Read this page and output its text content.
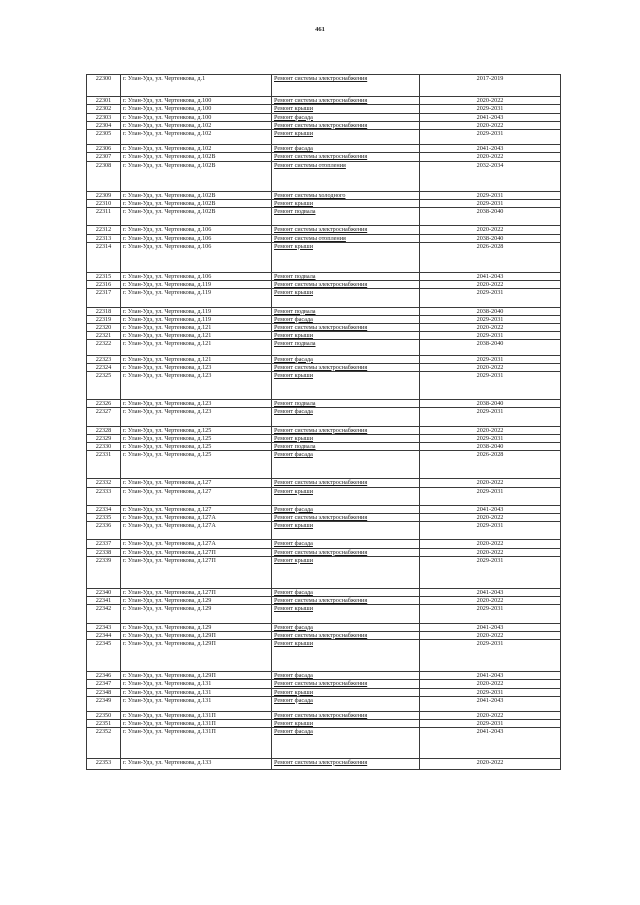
461
22300	г. Улан-Удэ, ул. Чертенкова, д.1	Ремонт системы электроснабжения	2017-2019
22301	г. Улан-Удэ, ул. Чертенкова, д.100	Ремонт системы электроснабжения	2020-2022
22302	г. Улан-Удэ, ул. Чертенкова, д.100	Ремонт крыши	2029-2031
22303	г. Улан-Удэ, ул. Чертенкова, д.100	Ремонт фасада	2041-2043
22304	г. Улан-Удэ, ул. Чертенкова, д.102	Ремонт системы электроснабжения	2020-2022
22305	г. Улан-Удэ, ул. Чертенкова, д.102	Ремонт крыши	2029-2031
22306	г. Улан-Удэ, ул. Чертенкова, д.102	Ремонт фасада	2041-2043
22307	г. Улан-Удэ, ул. Чертенкова, д.102В	Ремонт системы электроснабжения	2020-2022
22308	г. Улан-Удэ, ул. Чертенкова, д.102В	Ремонт системы отопления	2032-2034
22309	г. Улан-Удэ, ул. Чертенкова, д.102В	Ремонт системы холодного	2029-2031
22310	г. Улан-Удэ, ул. Чертенкова, д.102В	Ремонт крыши	2029-2031
22311	г. Улан-Удэ, ул. Чертенкова, д.102В	Ремонт подвала	2038-2040
22312	г. Улан-Удэ, ул. Чертенкова, д.106	Ремонт системы электроснабжения	2020-2022
22313	г. Улан-Удэ, ул. Чертенкова, д.106	Ремонт системы отопления	2038-2040
22314	г. Улан-Удэ, ул. Чертенкова, д.106	Ремонт крыши	2026-2028
22315	г. Улан-Удэ, ул. Чертенкова, д.106	Ремонт подвала	2041-2043
22316	г. Улан-Удэ, ул. Чертенкова, д.119	Ремонт системы электроснабжения	2020-2022
22317	г. Улан-Удэ, ул. Чертенкова, д.119	Ремонт крыши	2029-2031
22318	г. Улан-Удэ, ул. Чертенкова, д.119	Ремонт подвала	2038-2040
22319	г. Улан-Удэ, ул. Чертенкова, д.119	Ремонт фасада	2029-2031
22320	г. Улан-Удэ, ул. Чертенкова, д.121	Ремонт системы электроснабжения	2020-2022
22321	г. Улан-Удэ, ул. Чертенкова, д.121	Ремонт крыши	2029-2031
22322	г. Улан-Удэ, ул. Чертенкова, д.121	Ремонт подвала	2038-2040
22323	г. Улан-Удэ, ул. Чертенкова, д.121	Ремонт фасада	2029-2031
22324	г. Улан-Удэ, ул. Чертенкова, д.123	Ремонт системы электроснабжения	2020-2022
22325	г. Улан-Удэ, ул. Чертенкова, д.123	Ремонт крыши	2029-2031
22326	г. Улан-Удэ, ул. Чертенкова, д.123	Ремонт подвала	2038-2040
22327	г. Улан-Удэ, ул. Чертенкова, д.123	Ремонт фасада	2029-2031
22328	г. Улан-Удэ, ул. Чертенкова, д.125	Ремонт системы электроснабжения	2020-2022
22329	г. Улан-Удэ, ул. Чертенкова, д.125	Ремонт крыши	2029-2031
22330	г. Улан-Удэ, ул. Чертенкова, д.125	Ремонт подвала	2038-2040
22331	г. Улан-Удэ, ул. Чертенкова, д.125	Ремонт фасада	2026-2028
22332	г. Улан-Удэ, ул. Чертенкова, д.127	Ремонт системы электроснабжения	2020-2022
22333	г. Улан-Удэ, ул. Чертенкова, д.127	Ремонт крыши	2029-2031
22334	г. Улан-Удэ, ул. Чертенкова, д.127	Ремонт фасада	2041-2043
22335	г. Улан-Удэ, ул. Чертенкова, д.127А	Ремонт системы электроснабжения	2020-2022
22336	г. Улан-Удэ, ул. Чертенкова, д.127А	Ремонт крыши	2029-2031
22337	г. Улан-Удэ, ул. Чертенкова, д.127А	Ремонт фасада	2020-2022
22338	г. Улан-Удэ, ул. Чертенкова, д.127П	Ремонт системы электроснабжения	2020-2022
22339	г. Улан-Удэ, ул. Чертенкова, д.127П	Ремонт крыши	2029-2031
22340	г. Улан-Удэ, ул. Чертенкова, д.127П	Ремонт фасада	2041-2043
22341	г. Улан-Удэ, ул. Чертенкова, д.129	Ремонт системы электроснабжения	2020-2022
22342	г. Улан-Удэ, ул. Чертенкова, д.129	Ремонт крыши	2029-2031
22343	г. Улан-Удэ, ул. Чертенкова, д.129	Ремонт фасада	2041-2043
22344	г. Улан-Удэ, ул. Чертенкова, д.129П	Ремонт системы электроснабжения	2020-2022
22345	г. Улан-Удэ, ул. Чертенкова, д.129П	Ремонт крыши	2029-2031
22346	г. Улан-Удэ, ул. Чертенкова, д.129П	Ремонт фасада	2041-2043
22347	г. Улан-Удэ, ул. Чертенкова, д.131	Ремонт системы электроснабжения	2020-2022
22348	г. Улан-Удэ, ул. Чертенкова, д.131	Ремонт крыши	2029-2031
22349	г. Улан-Удэ, ул. Чертенкова, д.131	Ремонт фасада	2041-2043
22350	г. Улан-Удэ, ул. Чертенкова, д.131П	Ремонт системы электроснабжения	2020-2022
22351	г. Улан-Удэ, ул. Чертенкова, д.131П	Ремонт крыши	2029-2031
22352	г. Улан-Удэ, ул. Чертенкова, д.131П	Ремонт фасада	2041-2043
22353	г. Улан-Удэ, ул. Чертенкова, д.133	Ремонт системы электроснабжения	2020-2022
